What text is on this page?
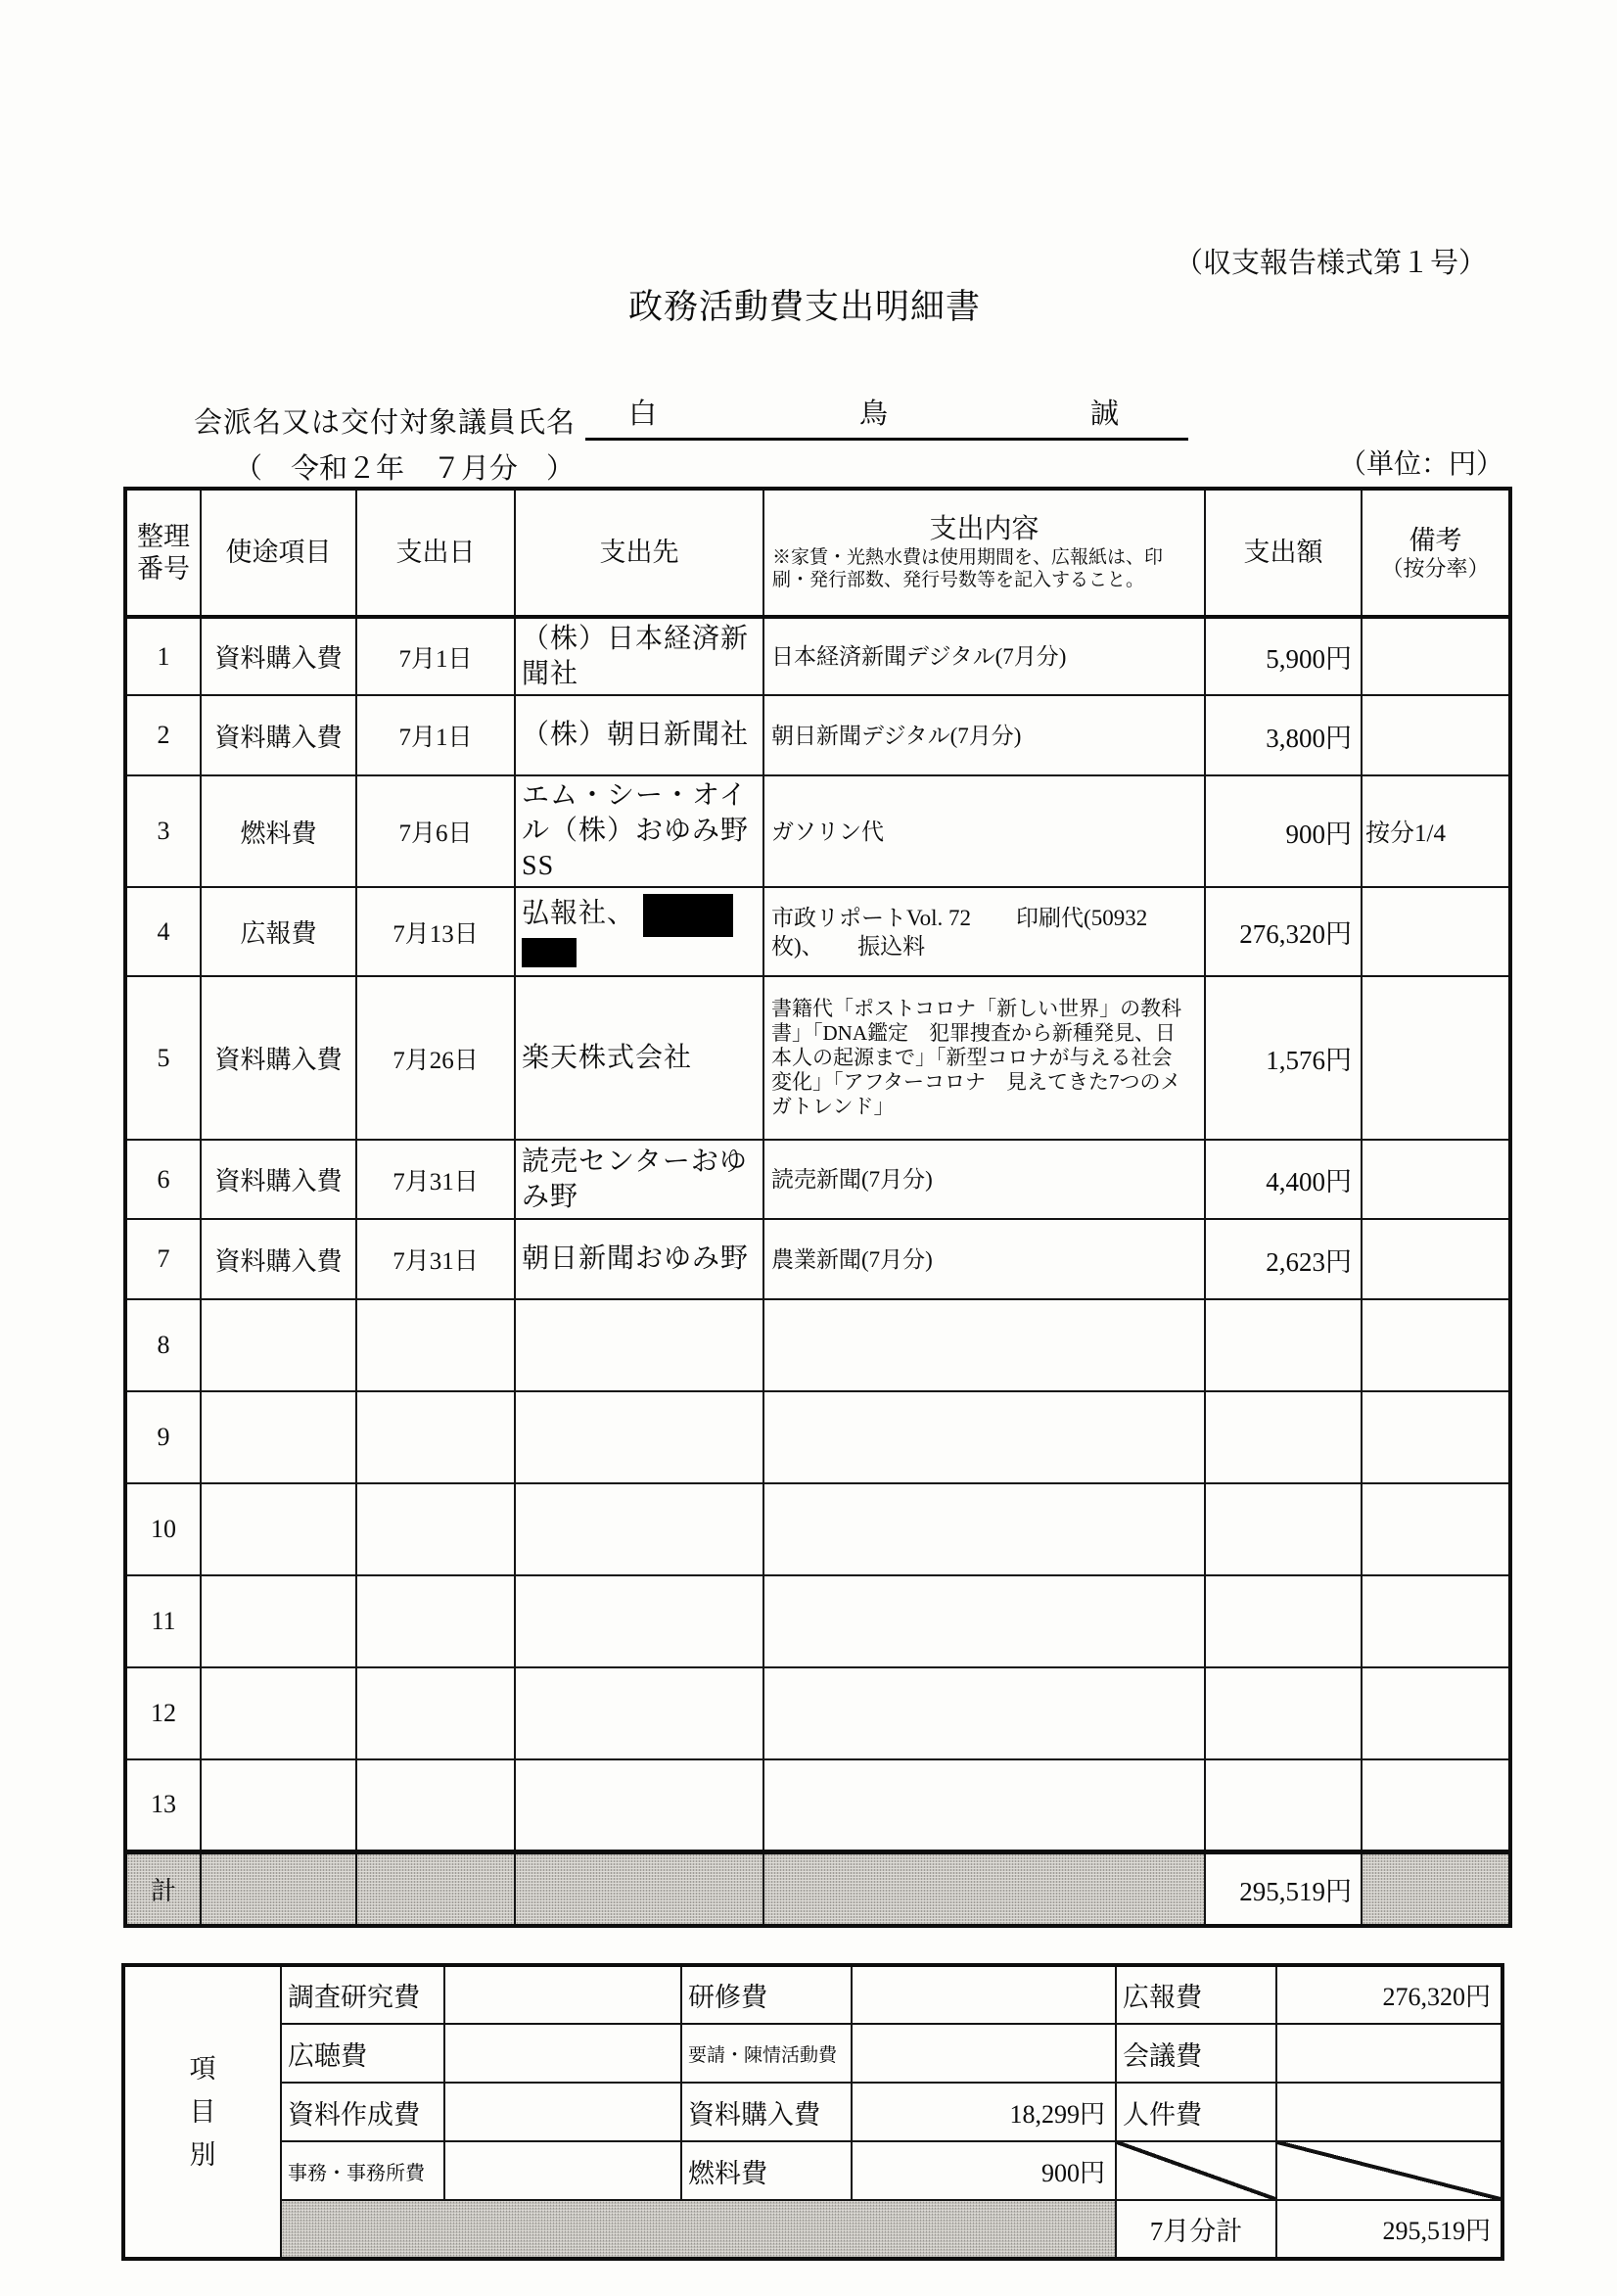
（収支報告様式第１号）
政務活動費支出明細書
会派名又は交付対象議員氏名 白	鳥	誠
（　令和２年　７月分　）	（単位：円）
整理
番号	使途項目	支出日	支出先	支出内容
※家賃・光熱水費は使用期間を、広報紙は、印刷・発行部数、発行号数等を記入すること。	支出額	備考
（按分率）

1	資料購入費	7月1日	（株）日本経済新聞社	日本経済新聞デジタル(7月分)	5,900円	
2	資料購入費	7月1日	（株）朝日新聞社	朝日新聞デジタル(7月分)	3,800円	
3	燃料費	7月6日	エム・シー・オイル（株）おゆみ野SS	ガソリン代	900円	按分1/4
4	広報費	7月13日	弘報社、	市政リポートVol. 72　　印刷代(50932枚)、　　振込料	276,320円	
5	資料購入費	7月26日	楽天株式会社	書籍代「ポストコロナ「新しい世界」の教科書」「DNA鑑定　犯罪捜査から新種発見、日本人の起源まで」「新型コロナが与える社会変化」「アフターコロナ　見えてきた7つのメガトレンド」	1,576円	
6	資料購入費	7月31日	読売センターおゆみ野	読売新聞(7月分)	4,400円	
7	資料購入費	7月31日	朝日新聞おゆみ野	農業新聞(7月分)	2,623円	
8						
9						
10						
11						
12						
13						
計					295,519円	
項目別	調査研究費		研修費		広報費	276,320円
	広聴費		要請・陳情活動費		会議費	
	資料作成費		資料購入費	18,299円	人件費	
	事務・事務所費		燃料費	900円		
					7月分計	295,519円
